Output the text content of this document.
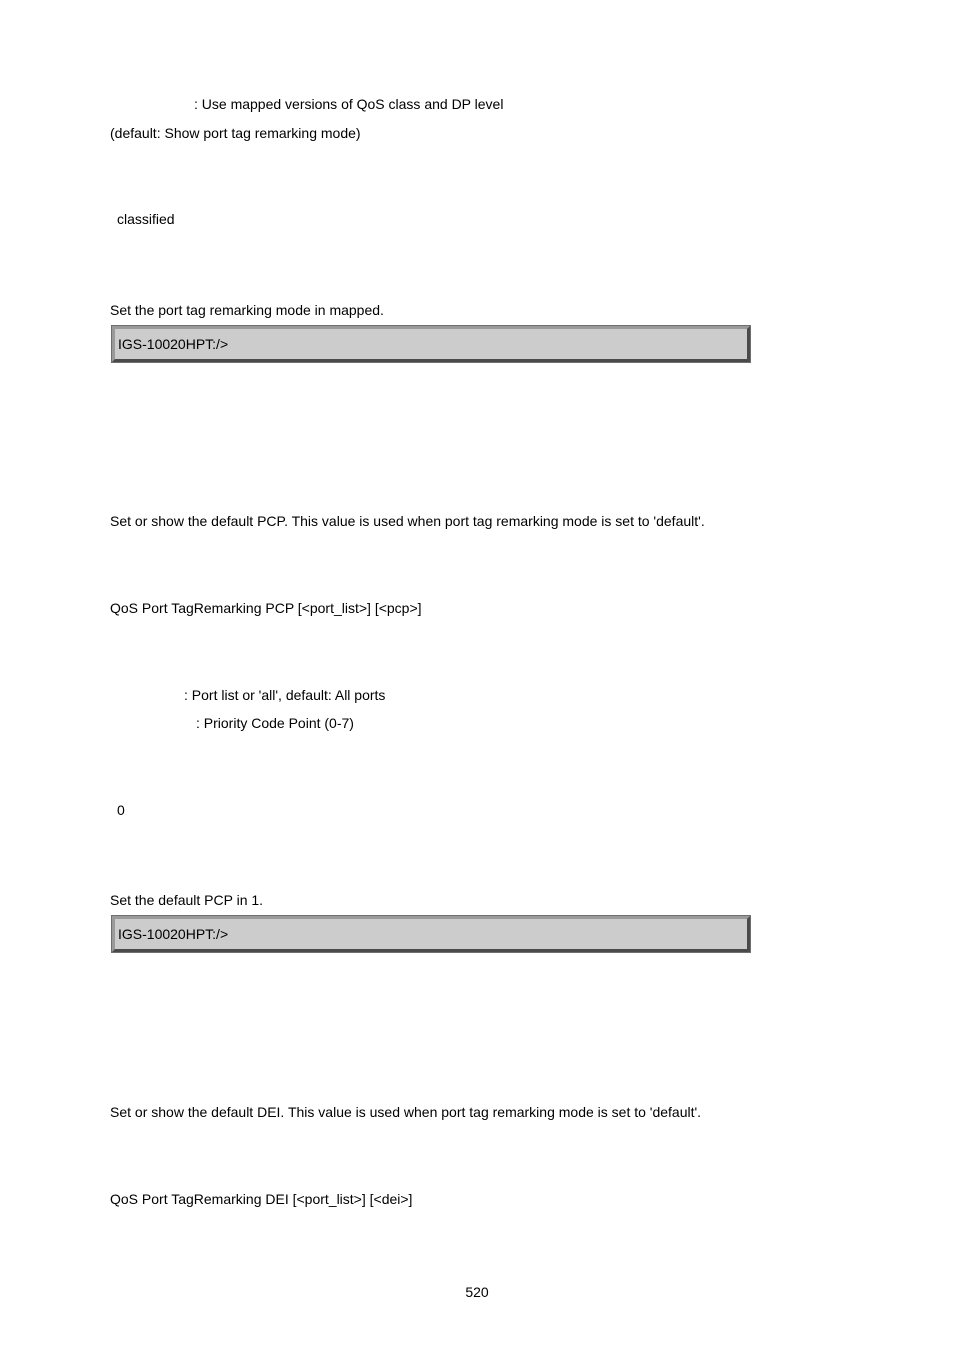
: Use mapped versions of QoS class and DP level
(default: Show port tag remarking mode)
classified
Set the port tag remarking mode in mapped.
IGS-10020HPT:/>
Set or show the default PCP. This value is used when port tag remarking mode is set to 'default'.
QoS Port TagRemarking PCP [<port_list>] [<pcp>]
: Port list or 'all', default: All ports
: Priority Code Point (0-7)
0
Set the default PCP in 1.
IGS-10020HPT:/>
Set or show the default DEI. This value is used when port tag remarking mode is set to 'default'.
QoS Port TagRemarking DEI [<port_list>] [<dei>]
520
